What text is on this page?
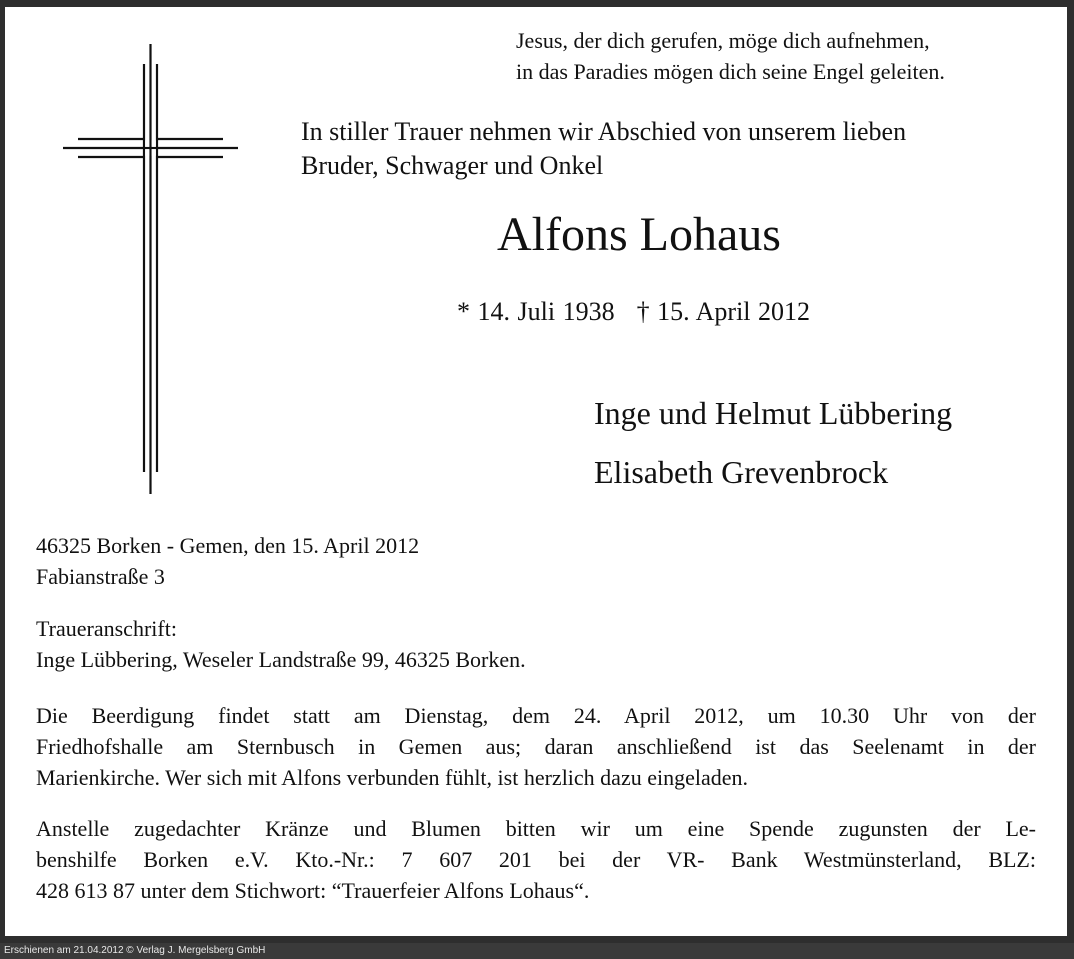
Jesus, der dich gerufen, möge dich aufnehmen,
in das Paradies mögen dich seine Engel geleiten.
In stiller Trauer nehmen wir Abschied von unserem lieben
Bruder, Schwager und Onkel
Alfons Lohaus
* 14. Juli 1938 † 15. April 2012
Inge und Helmut Lübbering
Elisabeth Grevenbrock
46325 Borken - Gemen, den 15. April 2012
Fabianstraße 3
Traueranschrift:
Inge Lübbering, Weseler Landstraße 99, 46325 Borken.
Die Beerdigung findet statt am Dienstag, dem 24. April 2012, um 10.30 Uhr von der
Friedhofshalle am Sternbusch in Gemen aus; daran anschließend ist das Seelenamt in der
Marienkirche. Wer sich mit Alfons verbunden fühlt, ist herzlich dazu eingeladen.
Anstelle zugedachter Kränze und Blumen bitten wir um eine Spende zugunsten der Le-
benshilfe Borken e.V. Kto.-Nr.: 7 607 201 bei der VR- Bank Westmünsterland, BLZ:
428 613 87 unter dem Stichwort: “Trauerfeier Alfons Lohaus“.
Erschienen am 21.04.2012 © Verlag J. Mergelsberg GmbH
